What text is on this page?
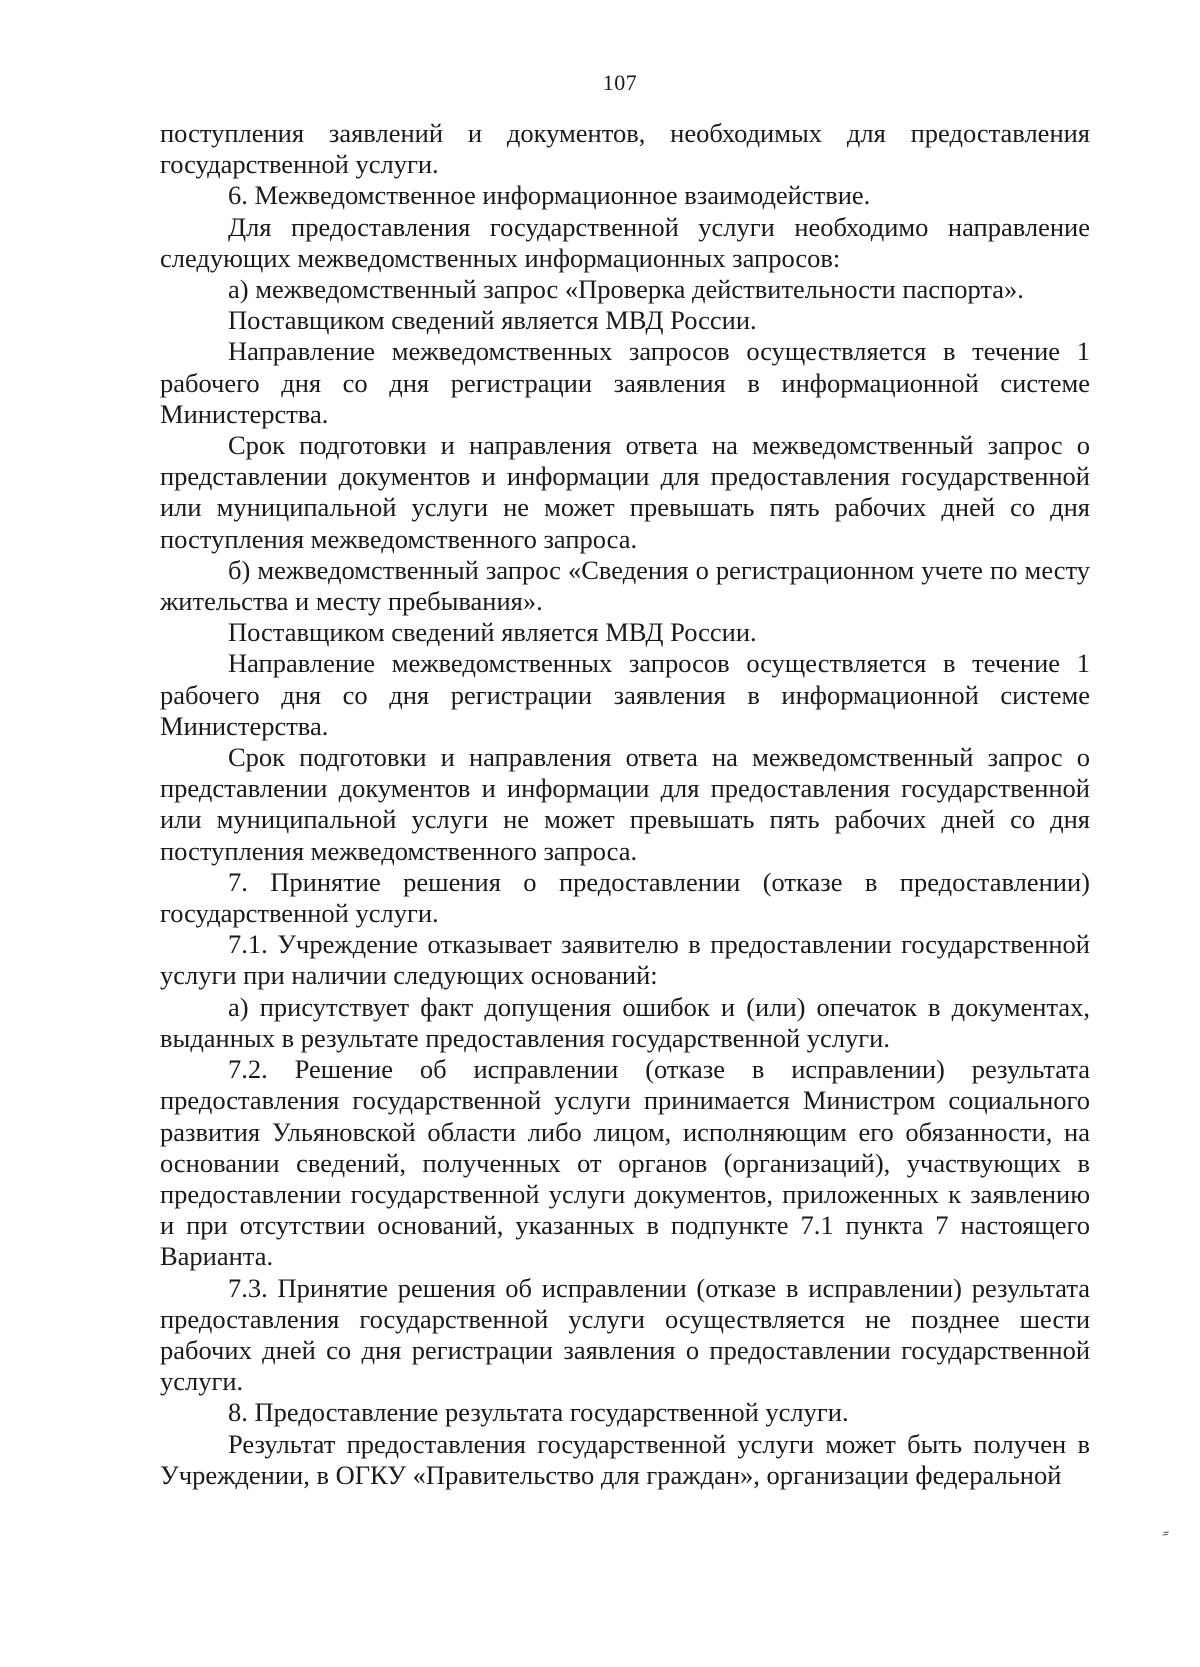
107

поступления заявлений и документов, необходимых для предоставления государственной услуги.

6. Межведомственное информационное взаимодействие.

Для предоставления государственной услуги необходимо направление следующих межведомственных информационных запросов:

а) межведомственный запрос «Проверка действительности паспорта».

Поставщиком сведений является МВД России.

Направление межведомственных запросов осуществляется в течение 1 рабочего дня со дня регистрации заявления в информационной системе Министерства.

Срок подготовки и направления ответа на межведомственный запрос о представлении документов и информации для предоставления государственной или муниципальной услуги не может превышать пять рабочих дней со дня поступления межведомственного запроса.

б) межведомственный запрос «Сведения о регистрационном учете по месту жительства и месту пребывания».

Поставщиком сведений является МВД России.

Направление межведомственных запросов осуществляется в течение 1 рабочего дня со дня регистрации заявления в информационной системе Министерства.

Срок подготовки и направления ответа на межведомственный запрос о представлении документов и информации для предоставления государственной или муниципальной услуги не может превышать пять рабочих дней со дня поступления межведомственного запроса.

7. Принятие решения о предоставлении (отказе в предоставлении) государственной услуги.

7.1. Учреждение отказывает заявителю в предоставлении государственной услуги при наличии следующих оснований:

а) присутствует факт допущения ошибок и (или) опечаток в документах, выданных в результате предоставления государственной услуги.

7.2. Решение об исправлении (отказе в исправлении) результата предоставления государственной услуги принимается Министром социального развития Ульяновской области либо лицом, исполняющим его обязанности, на основании сведений, полученных от органов (организаций), участвующих в предоставлении государственной услуги документов, приложенных к заявлению и при отсутствии оснований, указанных в подпункте 7.1 пункта 7 настоящего Варианта.

7.3. Принятие решения об исправлении (отказе в исправлении) результата предоставления государственной услуги осуществляется не позднее шести рабочих дней со дня регистрации заявления о предоставлении государственной услуги.

8. Предоставление результата государственной услуги.

Результат предоставления государственной услуги может быть получен в Учреждении, в ОГКУ «Правительство для граждан», организации федеральной

⸗
